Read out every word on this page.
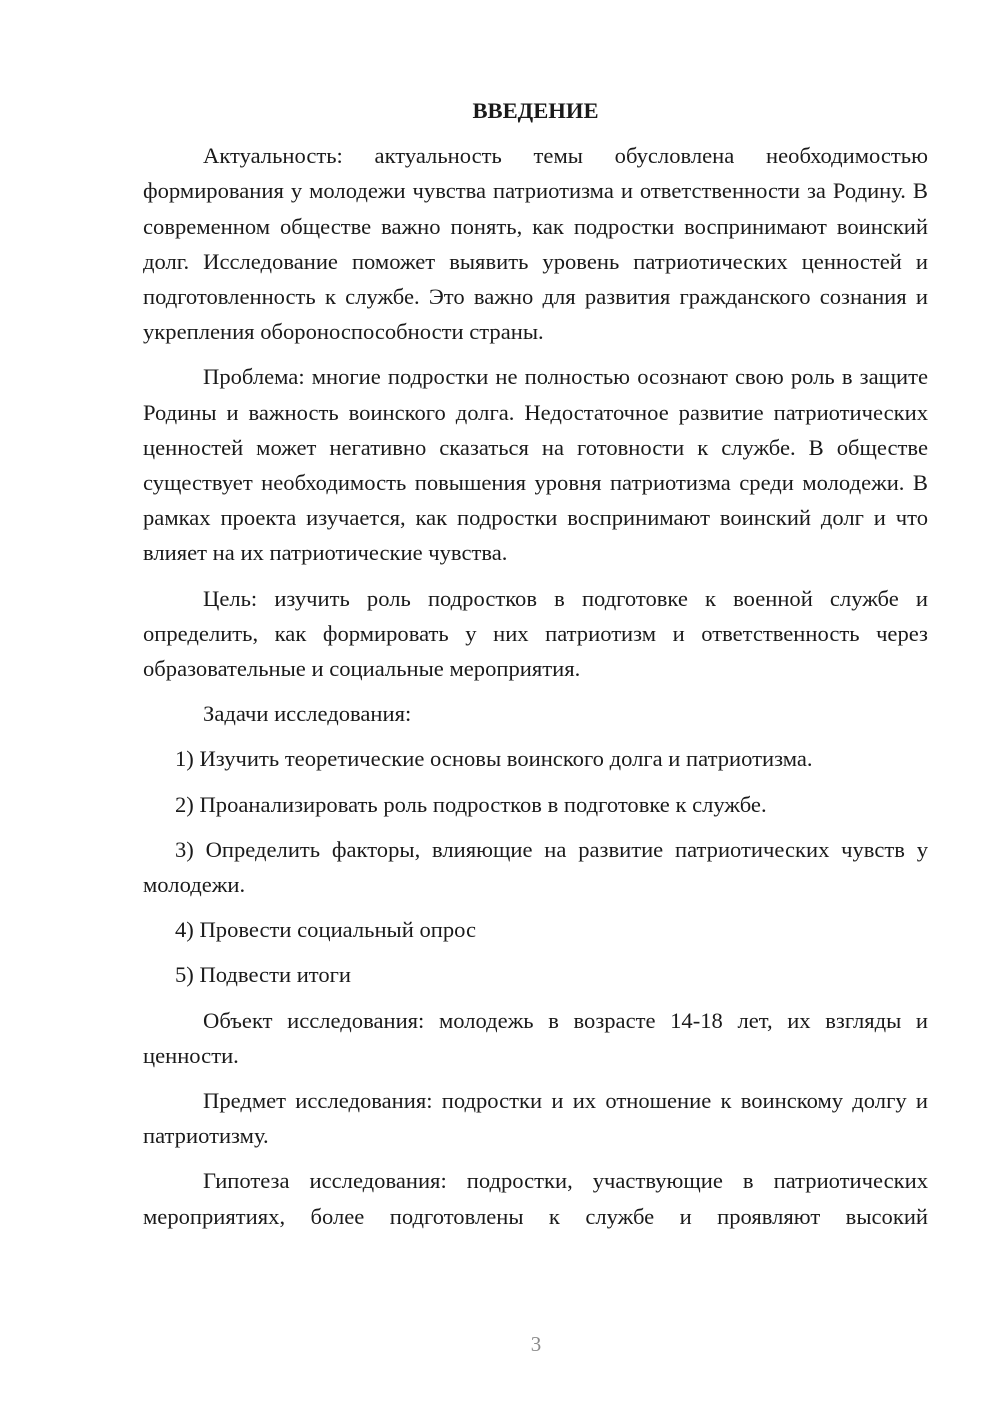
ВВЕДЕНИЕ

Актуальность: актуальность темы обусловлена необходимостью формирования у молодежи чувства патриотизма и ответственности за Родину. В современном обществе важно понять, как подростки воспринимают воинский долг. Исследование поможет выявить уровень патриотических ценностей и подготовленность к службе. Это важно для развития гражданского сознания и укрепления обороноспособности страны.

Проблема: многие подростки не полностью осознают свою роль в защите Родины и важность воинского долга. Недостаточное развитие патриотических ценностей может негативно сказаться на готовности к службе. В обществе существует необходимость повышения уровня патриотизма среди молодежи. В рамках проекта изучается, как подростки воспринимают воинский долг и что влияет на их патриотические чувства.

Цель: изучить роль подростков в подготовке к военной службе и определить, как формировать у них патриотизм и ответственность через образовательные и социальные мероприятия.

Задачи исследования:

1) Изучить теоретические основы воинского долга и патриотизма.

2) Проанализировать роль подростков в подготовке к службе.

3) Определить факторы, влияющие на развитие патриотических чувств у молодежи.

4) Провести социальный опрос

5) Подвести итоги

Объект исследования: молодежь в возрасте 14-18 лет, их взгляды и ценности.

Предмет исследования: подростки и их отношение к воинскому долгу и патриотизму.

Гипотеза исследования: подростки, участвующие в патриотических мероприятиях, более подготовлены к службе и проявляют высокий

3
